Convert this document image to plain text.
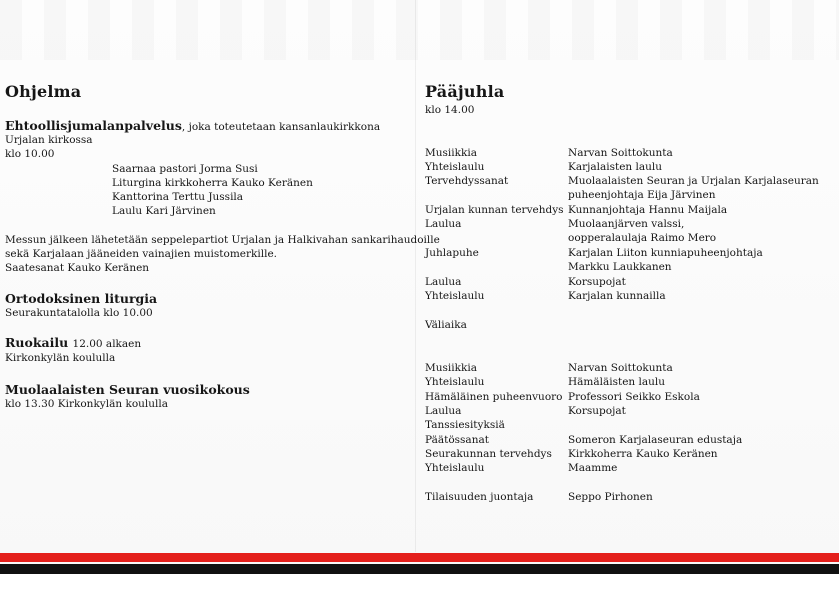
Ohjelma
Ehtoollisjumalanpalvelus, joka toteutetaan kansanlaukirkkona
Urjalan kirkossa
klo 10.00
Saarnaa pastori Jorma Susi
Liturgina kirkkoherra Kauko Keränen
Kanttorina Terttu Jussila
Laulu Kari Järvinen
Messun jälkeen lähetetään seppelepartiot Urjalan ja Halkivahan sankarihaudoille
sekä Karjalaan jääneiden vainajien muistomerkille.
Saatesanat Kauko Keränen
Ortodoksinen liturgia
Seurakuntatalolla klo 10.00
Ruokailu 12.00 alkaen
Kirkonkylän koululla
Muolaalaisten Seuran vuosikokous
klo 13.30 Kirkonkylän koululla
Pääjuhla
klo 14.00
Musiikkia	Narvan Soittokunta
Yhteislaulu	Karjalaisten laulu
Tervehdyssanat	Muolaalaisten Seuran ja Urjalan Karjalaseuran
puheenjohtaja Eija Järvinen
Urjalan kunnan tervehdys Kunnanjohtaja Hannu Maijala
Laulua	Muolaanjärven valssi,
oopperalaulaja Raimo Mero
Juhlapuhe	Karjalan Liiton kunniapuheenjohtaja
Markku Laukkanen
Laulua	Korsupojat
Yhteislaulu	Karjalan kunnailla
Väliaika
Musiikkia	Narvan Soittokunta
Yhteislaulu	Hämäläisten laulu
Hämäläinen puheenvuoro Professori Seikko Eskola
Laulua	Korsupojat
Tanssiesityksiä
Päätössanat	Someron Karjalaseuran edustaja
Seurakunnan tervehdys Kirkkoherra Kauko Keränen
Yhteislaulu	Maamme
Tilaisuuden juontaja	Seppo Pirhonen
